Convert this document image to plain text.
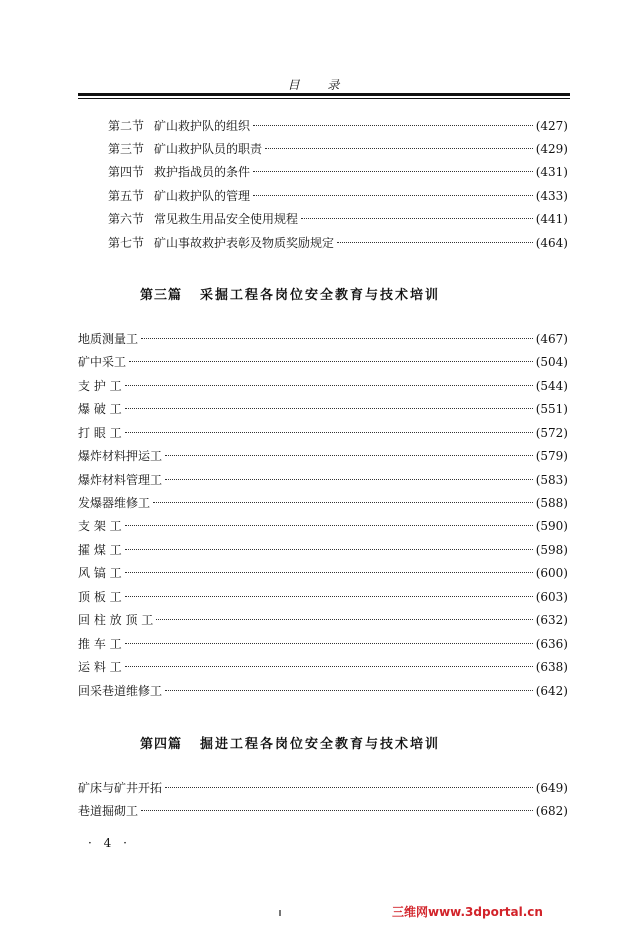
目 录
第二节 矿山救护队的组织	(427)
第三节 矿山救护队员的职责	(429)
第四节 救护指战员的条件	(431)
第五节 矿山救护队的管理	(433)
第六节 常见救生用品安全使用规程	(441)
第七节 矿山事故救护表彰及物质奖励规定	(464)
第三篇 采掘工程各岗位安全教育与技术培训
地质测量工	(467)
矿中采工	(504)
支 护 工	(544)
爆 破 工	(551)
打 眼 工	(572)
爆炸材料押运工	(579)
爆炸材料管理工	(583)
发爆器维修工	(588)
支 架 工	(590)
攉 煤 工	(598)
风 镐 工	(600)
顶 板 工	(603)
回 柱 放 顶 工	(632)
推 车 工	(636)
运 料 工	(638)
回采巷道维修工	(642)
第四篇 掘进工程各岗位安全教育与技术培训
矿床与矿井开拓	(649)
巷道掘砌工	(682)
· 4 ·
三维网www.3dportal.cn
